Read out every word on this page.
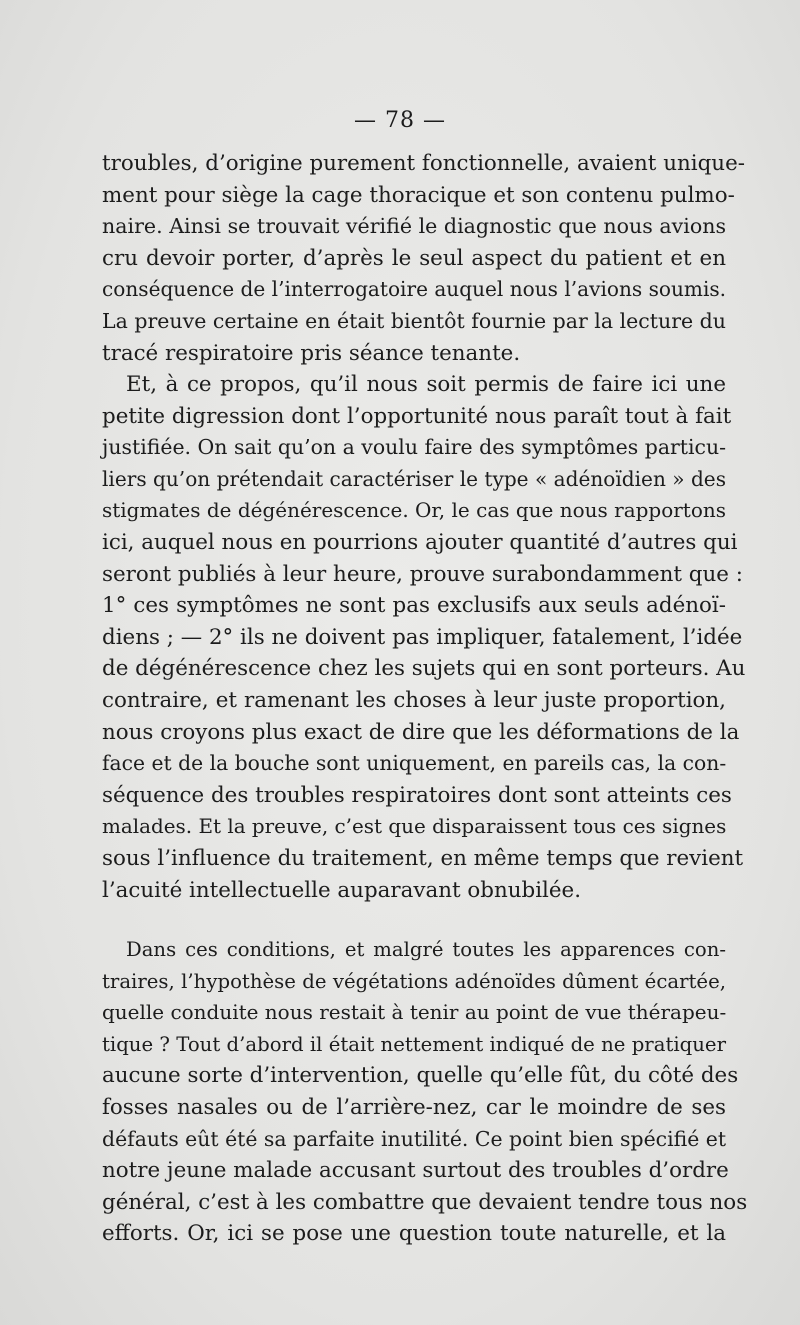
— 78 —
troubles, d’origine purement fonctionnelle, avaient unique-
ment pour siège la cage thoracique et son contenu pulmo-
naire. Ainsi se trouvait vérifié le diagnostic que nous avions
cru devoir porter, d’après le seul aspect du patient et en
conséquence de l’interrogatoire auquel nous l’avions soumis.
La preuve certaine en était bientôt fournie par la lecture du
tracé respiratoire pris séance tenante.
Et, à ce propos, qu’il nous soit permis de faire ici une
petite digression dont l’opportunité nous paraît tout à fait
justifiée. On sait qu’on a voulu faire des symptômes particu-
liers qu’on prétendait caractériser le type « adénoïdien » des
stigmates de dégénérescence. Or, le cas que nous rapportons
ici, auquel nous en pourrions ajouter quantité d’autres qui
seront publiés à leur heure, prouve surabondamment que :
1° ces symptômes ne sont pas exclusifs aux seuls adénoï-
diens ; — 2° ils ne doivent pas impliquer, fatalement, l’idée
de dégénérescence chez les sujets qui en sont porteurs. Au
contraire, et ramenant les choses à leur juste proportion,
nous croyons plus exact de dire que les déformations de la
face et de la bouche sont uniquement, en pareils cas, la con-
séquence des troubles respiratoires dont sont atteints ces
malades. Et la preuve, c’est que disparaissent tous ces signes
sous l’influence du traitement, en même temps que revient
l’acuité intellectuelle auparavant obnubilée.
Dans ces conditions, et malgré toutes les apparences con-
traires, l’hypothèse de végétations adénoïdes dûment écartée,
quelle conduite nous restait à tenir au point de vue thérapeu-
tique ? Tout d’abord il était nettement indiqué de ne pratiquer
aucune sorte d’intervention, quelle qu’elle fût, du côté des
fosses nasales ou de l’arrière-nez, car le moindre de ses
défauts eût été sa parfaite inutilité. Ce point bien spécifié et
notre jeune malade accusant surtout des troubles d’ordre
général, c’est à les combattre que devaient tendre tous nos
efforts. Or, ici se pose une question toute naturelle, et la
